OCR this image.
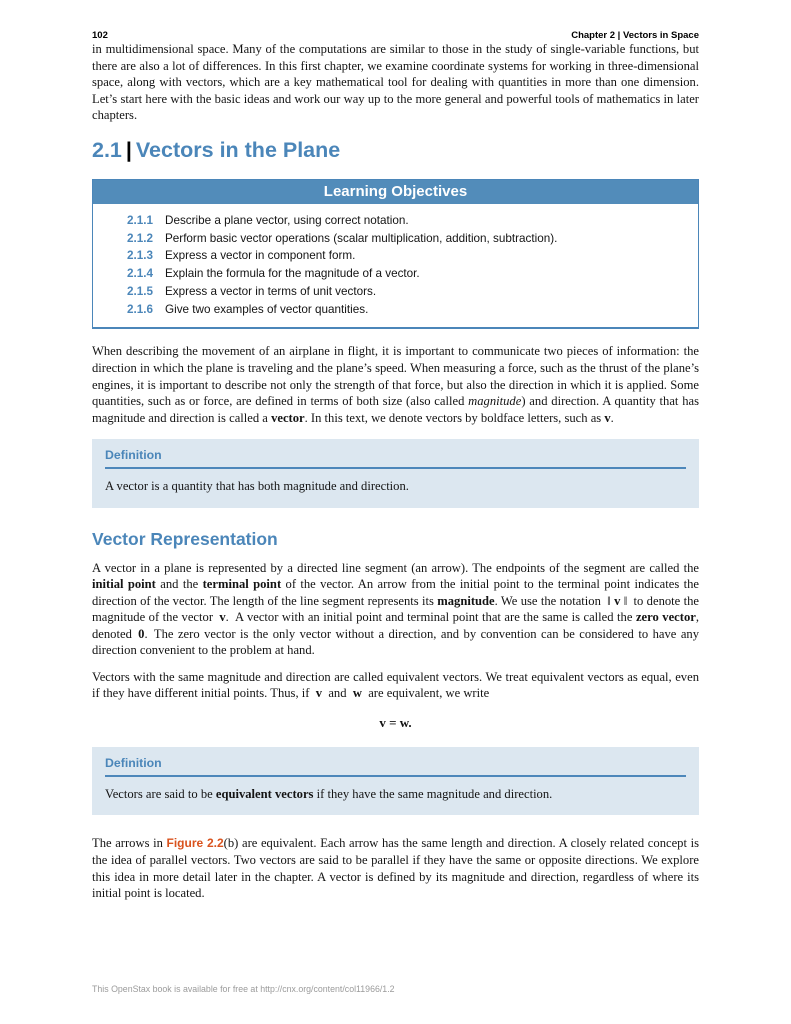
102	Chapter 2 | Vectors in Space

in multidimensional space. Many of the computations are similar to those in the study of single-variable functions, but there are also a lot of differences. In this first chapter, we examine coordinate systems for working in three-dimensional space, along with vectors, which are a key mathematical tool for dealing with quantities in more than one dimension. Let’s start here with the basic ideas and work our way up to the more general and powerful tools of mathematics in later chapters.

2.1 | Vectors in the Plane
Learning Objectives
2.1.1	Describe a plane vector, using correct notation.
2.1.2	Perform basic vector operations (scalar multiplication, addition, subtraction).
2.1.3	Express a vector in component form.
2.1.4	Explain the formula for the magnitude of a vector.
2.1.5	Express a vector in terms of unit vectors.
2.1.6	Give two examples of vector quantities.

When describing the movement of an airplane in flight, it is important to communicate two pieces of information: the direction in which the plane is traveling and the plane’s speed. When measuring a force, such as the thrust of the plane’s engines, it is important to describe not only the strength of that force, but also the direction in which it is applied. Some quantities, such as or force, are defined in terms of both size (also called magnitude) and direction. A quantity that has magnitude and direction is called a vector. In this text, we denote vectors by boldface letters, such as v.

Definition
A vector is a quantity that has both magnitude and direction.
Vector Representation

A vector in a plane is represented by a directed line segment (an arrow). The endpoints of the segment are called the initial point and the terminal point of the vector. An arrow from the initial point to the terminal point indicates the direction of the vector. The length of the line segment represents its magnitude. We use the notation ‖ v ‖ to denote the magnitude of the vector v. A vector with an initial point and terminal point that are the same is called the zero vector, denoted 0. The zero vector is the only vector without a direction, and by convention can be considered to have any direction convenient to the problem at hand.

Vectors with the same magnitude and direction are called equivalent vectors. We treat equivalent vectors as equal, even if they have different initial points. Thus, if v and w are equivalent, we write

v = w.
Definition
Vectors are said to be equivalent vectors if they have the same magnitude and direction.

The arrows in Figure 2.2(b) are equivalent. Each arrow has the same length and direction. A closely related concept is the idea of parallel vectors. Two vectors are said to be parallel if they have the same or opposite directions. We explore this idea in more detail later in the chapter. A vector is defined by its magnitude and direction, regardless of where its initial point is located.

This OpenStax book is available for free at http://cnx.org/content/col11966/1.2
